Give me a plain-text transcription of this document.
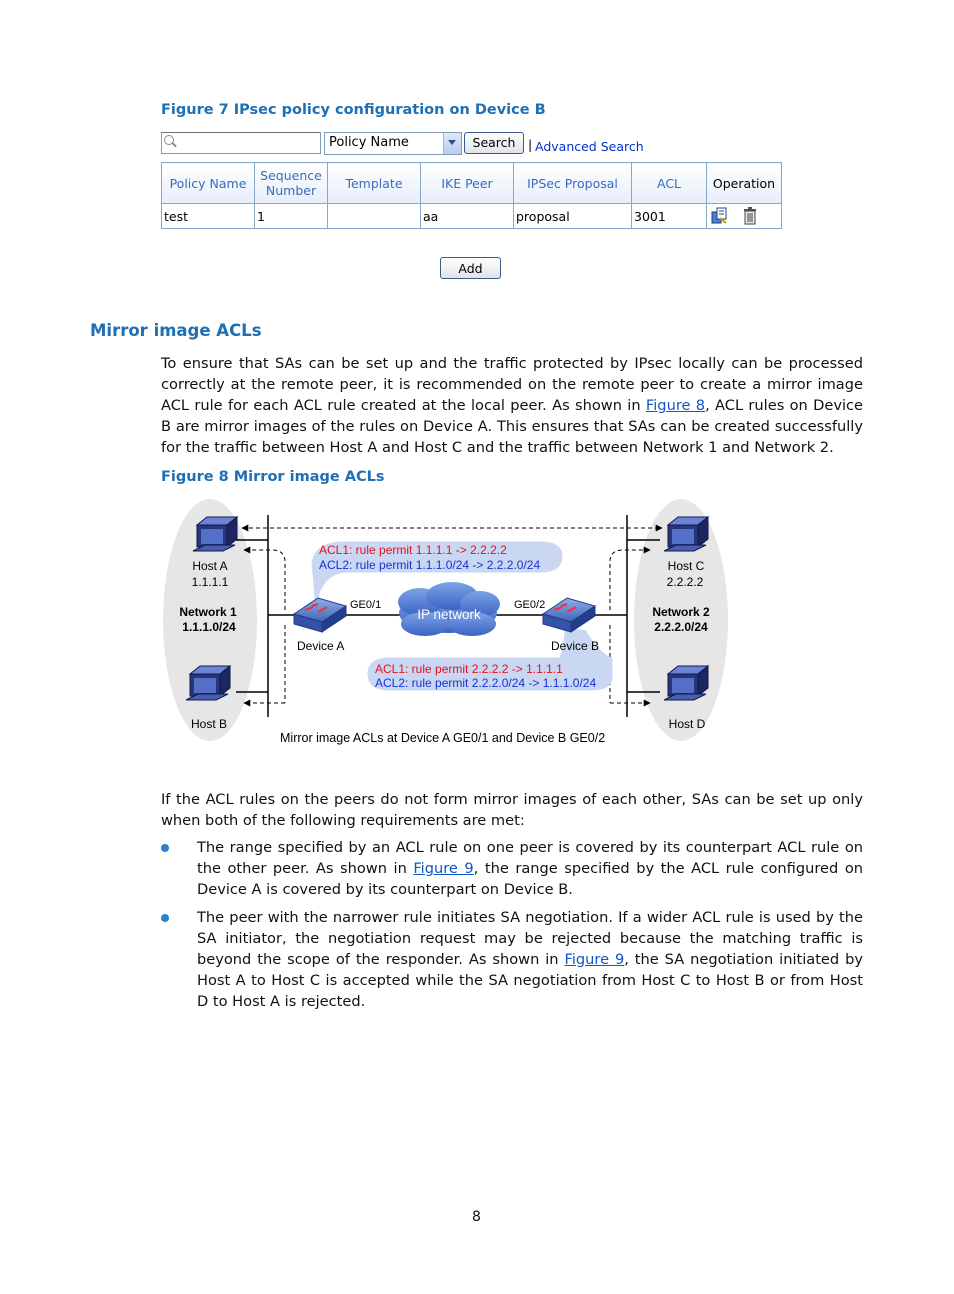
Figure 7 IPsec policy configuration on Device B
Policy Name	Search	| Advanced Search
Policy Name	Sequence Number	Template	IKE Peer	IPSec Proposal	ACL	Operation
test	1		aa	proposal	3001	
Add
Mirror image ACLs
To ensure that SAs can be set up and the traffic protected by IPsec locally can be processed correctly at the remote peer, it is recommended on the remote peer to create a mirror image ACL rule for each ACL rule created at the local peer. As shown in Figure 8, ACL rules on Device B are mirror images of the rules on Device A. This ensures that SAs can be created successfully for the traffic between Host A and Host C and the traffic between Network 1 and Network 2.
Figure 8 Mirror image ACLs
Host A
1.1.1.1
Network 1
1.1.1.0/24
Host B
Host C
2.2.2.2
Network 2
2.2.2.0/24
Host D
Device A	Device B
GE0/1	GE0/2
IP network
ACL1: rule permit 1.1.1.1 -> 2.2.2.2
ACL2: rule permit 1.1.1.0/24 -> 2.2.2.0/24
ACL1: rule permit 2.2.2.2 -> 1.1.1.1
ACL2: rule permit 2.2.2.0/24 -> 1.1.1.0/24
Mirror image ACLs at Device A GE0/1 and Device B GE0/2
If the ACL rules on the peers do not form mirror images of each other, SAs can be set up only when both of the following requirements are met:
The range specified by an ACL rule on one peer is covered by its counterpart ACL rule on the other peer. As shown in Figure 9, the range specified by the ACL rule configured on Device A is covered by its counterpart on Device B.
The peer with the narrower rule initiates SA negotiation. If a wider ACL rule is used by the SA initiator, the negotiation request may be rejected because the matching traffic is beyond the scope of the responder. As shown in Figure 9, the SA negotiation initiated by Host A to Host C is accepted while the SA negotiation from Host C to Host B or from Host D to Host A is rejected.
8
